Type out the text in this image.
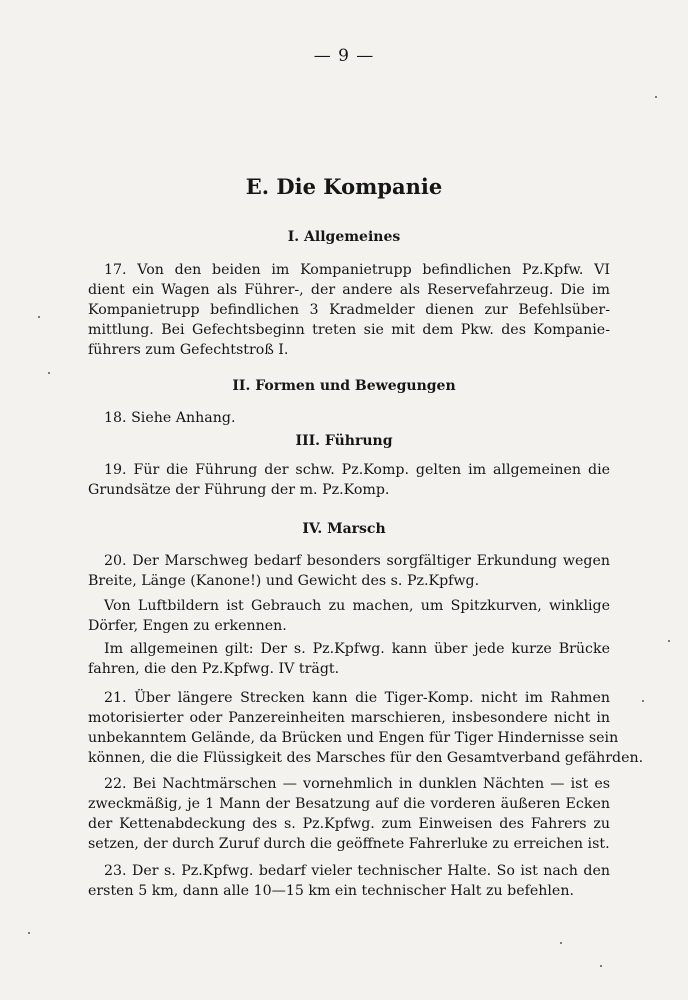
— 9 —
E. Die Kompanie
I. Allgemeines
17. Von den beiden im Kompanietrupp befindlichen Pz.Kpfw. VI
dient ein Wagen als Führer-, der andere als Reservefahrzeug. Die im
Kompanietrupp befindlichen 3 Kradmelder dienen zur Befehlsüber-
mittlung. Bei Gefechtsbeginn treten sie mit dem Pkw. des Kompanie-
führers zum Gefechtstroß I.
II. Formen und Bewegungen
18. Siehe Anhang.
III. Führung
19. Für die Führung der schw. Pz.Komp. gelten im allgemeinen die
Grundsätze der Führung der m. Pz.Komp.
IV. Marsch
20. Der Marschweg bedarf besonders sorgfältiger Erkundung wegen
Breite, Länge (Kanone!) und Gewicht des s. Pz.Kpfwg.
Von Luftbildern ist Gebrauch zu machen, um Spitzkurven, winklige
Dörfer, Engen zu erkennen.
Im allgemeinen gilt: Der s. Pz.Kpfwg. kann über jede kurze Brücke
fahren, die den Pz.Kpfwg. IV trägt.
21. Über längere Strecken kann die Tiger-Komp. nicht im Rahmen
motorisierter oder Panzereinheiten marschieren, insbesondere nicht in
unbekanntem Gelände, da Brücken und Engen für Tiger Hindernisse sein
können, die die Flüssigkeit des Marsches für den Gesamtverband gefährden.
22. Bei Nachtmärschen — vornehmlich in dunklen Nächten — ist es
zweckmäßig, je 1 Mann der Besatzung auf die vorderen äußeren Ecken
der Kettenabdeckung des s. Pz.Kpfwg. zum Einweisen des Fahrers zu
setzen, der durch Zuruf durch die geöffnete Fahrerluke zu erreichen ist.
23. Der s. Pz.Kpfwg. bedarf vieler technischer Halte. So ist nach den
ersten 5 km, dann alle 10—15 km ein technischer Halt zu befehlen.
